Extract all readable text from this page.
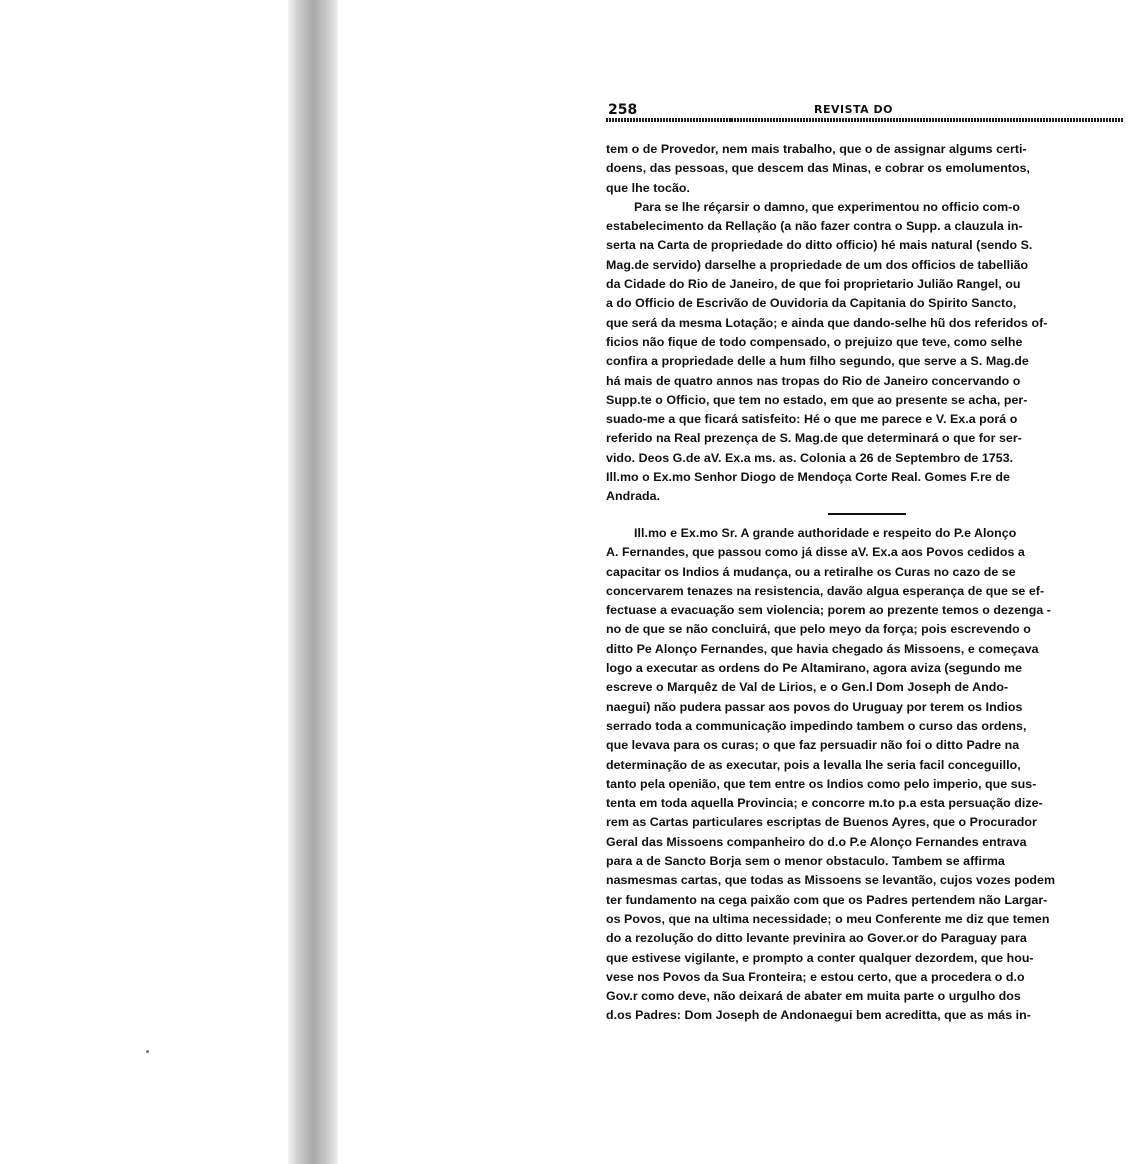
258	REVISTA DO
tem o de Provedor, nem mais trabalho, que o de assignar algums certi-
doens, das pessoas, que descem das Minas, e cobrar os emolumentos,
que lhe tocão.
Para se lhe réçarsir o damno, que experimentou no officio com-o
estabelecimento da Rellação (a não fazer contra o Supp. a clauzula in-
serta na Carta de propriedade do ditto officio) hé mais natural (sendo S.
Mag.de servido) darselhe a propriedade de um dos officios de tabellião
da Cidade do Rio de Janeiro, de que foi proprietario Julião Rangel, ou
a do Officio de Escrivão de Ouvidoria da Capitania do Spirito Sancto,
que será da mesma Lotação; e ainda que dando-selhe hũ dos referidos of-
ficios não fique de todo compensado, o prejuizo que teve, como selhe
confira a propriedade delle a hum filho segundo, que serve a S. Mag.de
há mais de quatro annos nas tropas do Rio de Janeiro concervando o
Supp.te o Officio, que tem no estado, em que ao presente se acha, per-
suado-me a que ficará satisfeito: Hé o que me parece e V. Ex.a porá o
referido na Real prezença de S. Mag.de que determinará o que for ser-
vido. Deos G.de aV. Ex.a ms. as. Colonia a 26 de Septembro de 1753.
Ill.mo o Ex.mo Senhor Diogo de Mendoça Corte Real. Gomes F.re de
Andrada.
Ill.mo e Ex.mo Sr. A grande authoridade e respeito do P.e Alonço
A. Fernandes, que passou como já disse aV. Ex.a aos Povos cedidos a
capacitar os Indios á mudança, ou a retiralhe os Curas no cazo de se
concervarem tenazes na resistencia, davão algua esperança de que se ef-
fectuase a evacuação sem violencia; porem ao prezente temos o dezenga -
no de que se não concluirá, que pelo meyo da força; pois escrevendo o
ditto Pe Alonço Fernandes, que havia chegado ás Missoens, e começava
logo a executar as ordens do Pe Altamirano, agora aviza (segundo me
escreve o Marquêz de Val de Lirios, e o Gen.l Dom Joseph de Ando-
naegui) não pudera passar aos povos do Uruguay por terem os Indios
serrado toda a communicação impedindo tambem o curso das ordens,
que levava para os curas; o que faz persuadir não foi o ditto Padre na
determinação de as executar, pois a levalla lhe seria facil conceguillo,
tanto pela openião, que tem entre os Indios como pelo imperio, que sus-
tenta em toda aquella Provincia; e concorre m.to p.a esta persuação dize-
rem as Cartas particulares escriptas de Buenos Ayres, que o Procurador
Geral das Missoens companheiro do d.o P.e Alonço Fernandes entrava
para a de Sancto Borja sem o menor obstaculo. Tambem se affirma
nasmesmas cartas, que todas as Missoens se levantão, cujos vozes podem
ter fundamento na cega paixão com que os Padres pertendem não Largar-
os Povos, que na ultima necessidade; o meu Conferente me diz que temen
do a rezolução do ditto levante previnira ao Gover.or do Paraguay para
que estivese vigilante, e prompto a conter qualquer dezordem, que hou-
vese nos Povos da Sua Fronteira; e estou certo, que a procedera o d.o
Gov.r como deve, não deixará de abater em muita parte o urgulho dos
d.os Padres: Dom Joseph de Andonaegui bem acreditta, que as más in-
